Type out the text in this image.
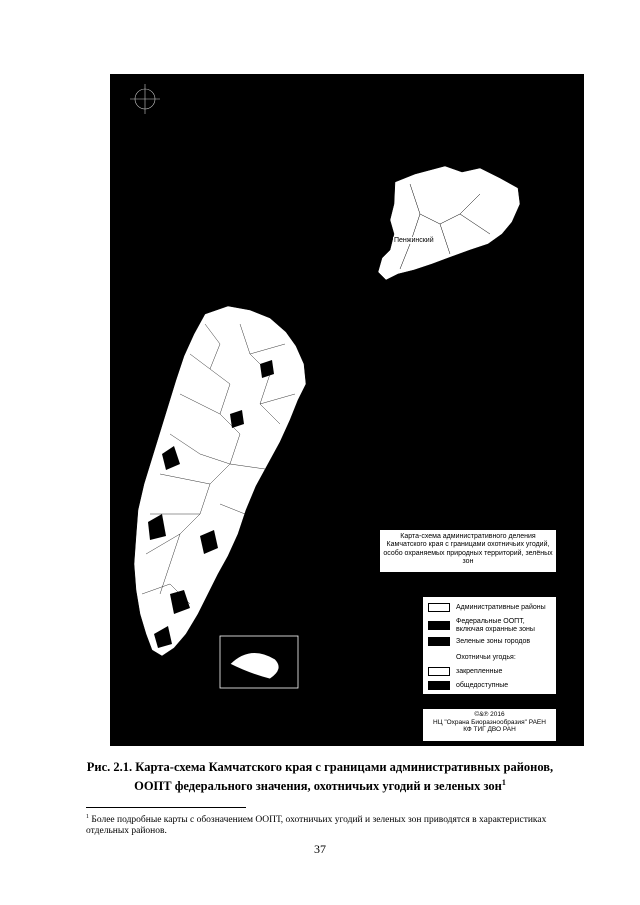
Пенжинский
Карта-схема административного деления Камчатского края с границами охотничьих угодий, особо охраняемых природных территорий, зелёных зон
Административные районы
Федеральные ООПТ, включая охранные зоны
Зеленые зоны городов
Охотничьи угодья:
закрепленные
общедоступные
©&℗ 2016
НЦ "Охрана Биоразнообразия" РАЕН
КФ ТИГ ДВО РАН
Рис. 2.1. Карта-схема Камчатского края с границами административных районов,
ООПТ федерального значения, охотничьих угодий и зеленых зон$^1$
$^1$ Более подробные карты с обозначением ООПТ, охотничьих угодий и зеленых зон приводятся в характеристиках отдельных районов.
37
